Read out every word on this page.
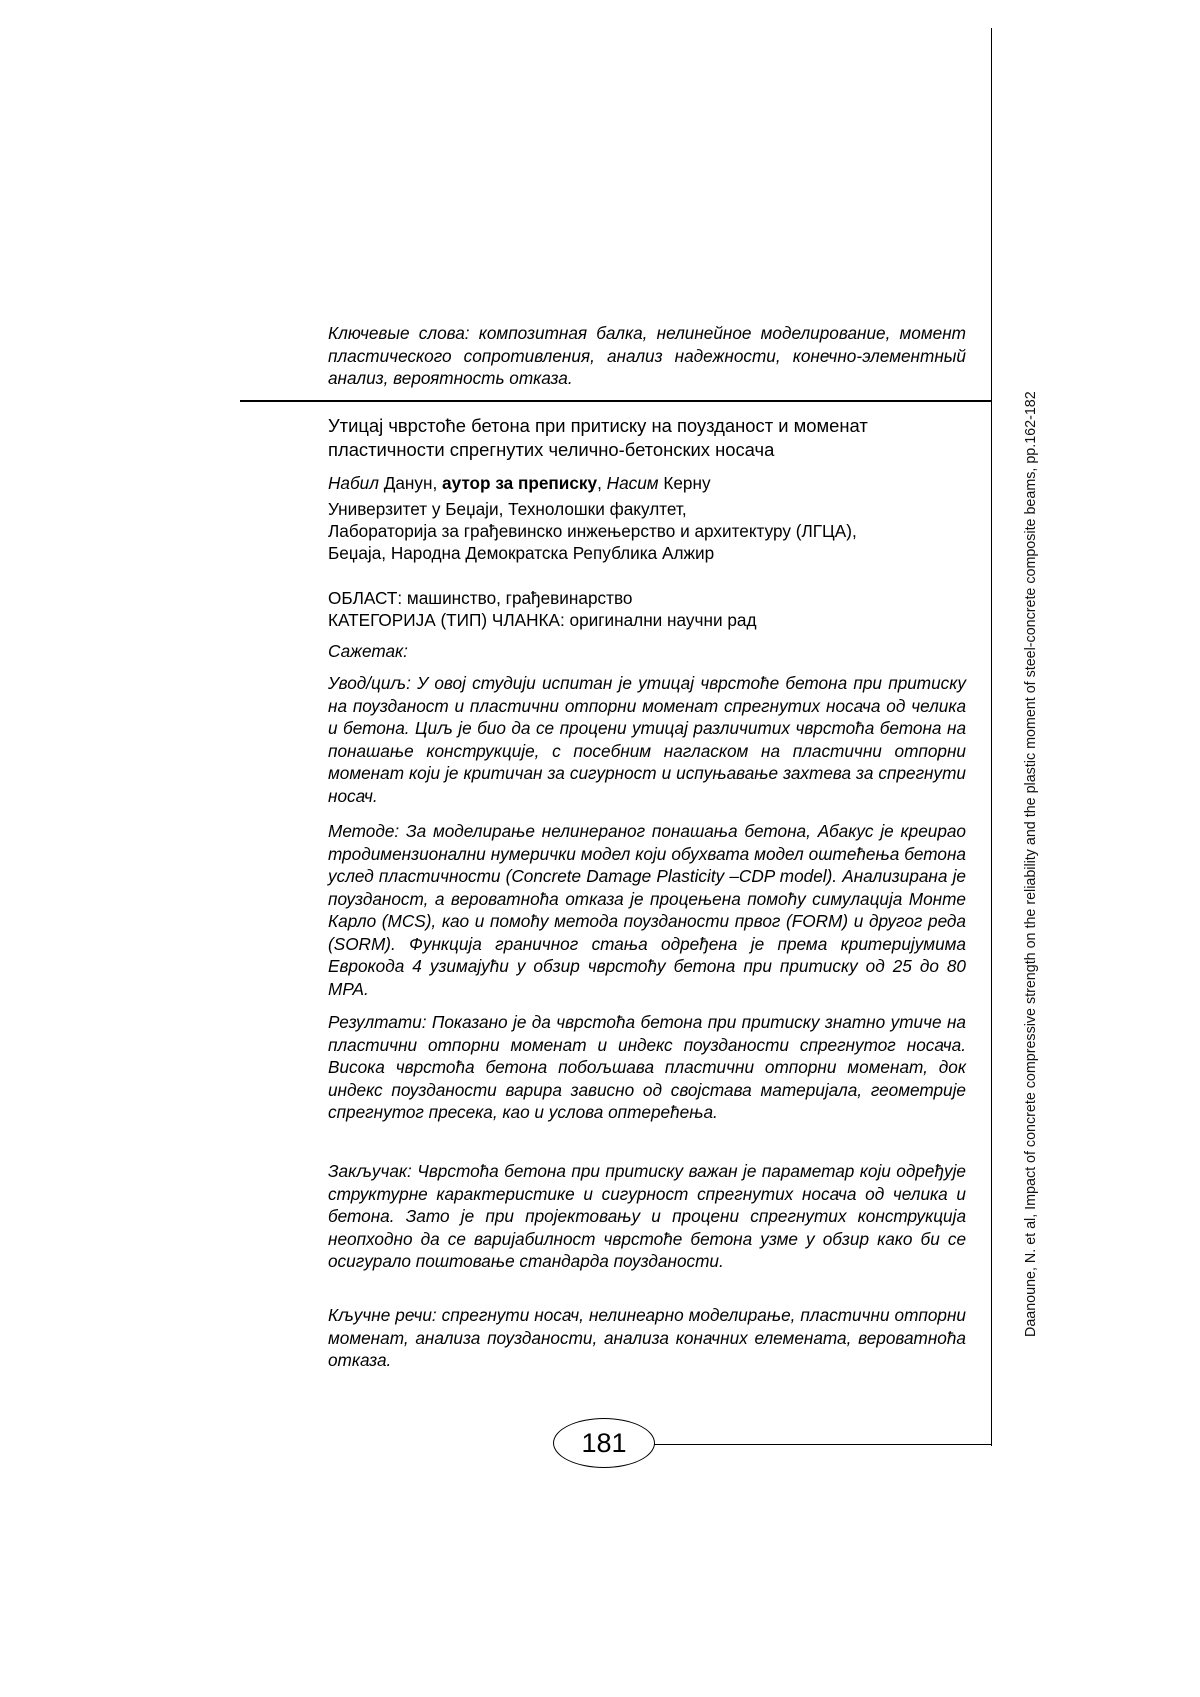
Daanoune, N. et al, Impact of concrete compressive strength on the reliability and the plastic moment of steel-concrete composite beams, pp.162-182

Ключевые слова: композитная балка, нелинейное моделирование, момент пластического сопротивления, анализ надежности, конечно-элементный анализ, вероятность отказа.

Утицај чврстоће бетона при притиску на поузданост и моменат пластичности спрегнутих челично-бетонских носача

Набил Данун, аутор за преписку, Насим Керну

Универзитет у Беџаји, Технолошки факултет,
Лабораторија за грађевинско инжењерство и архитектуру (ЛГЦА),
Беџаја, Народна Демократска Република Алжир
ОБЛАСТ: машинство, грађевинарство
КАТЕГОРИЈА (ТИП) ЧЛАНКА: оригинални научни рад

Сажетак:

Увод/циљ: У овој студији испитан је утицај чврстоће бетона при притиску на поузданост и пластични отпорни моменат спрегнутих носача од челика и бетона. Циљ је био да се процени утицај различитих чврстоћа бетона на понашање конструкције, с посебним нагласком на пластични отпорни моменат који је критичан за сигурност и испуњавање захтева за спрегнути носач.

Методе: За моделирање нелинераног понашања бетона, Абакус је креирао тродимензионални нумерички модел који обухвата модел оштећења бетона услед пластичности (Concrete Damage Plasticity –CDP model). Анализирана је поузданост, а вероватноћа отказа је процењена помоћу симулација Монте Карло (MCS), као и помоћу метода поузданости првог (FORM) и другог реда (SORM). Функција граничног стања одређена је према критеријумима Еврокода 4 узимајући у обзир чврстоћу бетона при притиску од 25 до 80 MPA.

Резултати: Показано је да чврстоћа бетона при притиску знатно утиче на пластични отпорни моменат и индекс поузданости спрегнутог носача. Висока чврстоћа бетона побољшава пластични отпорни моменат, док индекс поузданости варира зависно од својстава материјала, геометрије спрегнутог пресека, као и услова оптерећења.

Закључак: Чврстоћа бетона при притиску важан је параметар који одређује структурне карактеристике и сигурност спрегнутих носача од челика и бетона. Зато је при пројектовању и процени спрегнутих конструкција неопходно да се варијабилност чврстоће бетона узме у обзир како би се осигурало поштовање стандарда поузданости.

Кључне речи: спрегнути носач, нелинеарно моделирање, пластични отпорни моменат, анализа поузданости, анализа коначних елемената, вероватноћа отказа.

181
